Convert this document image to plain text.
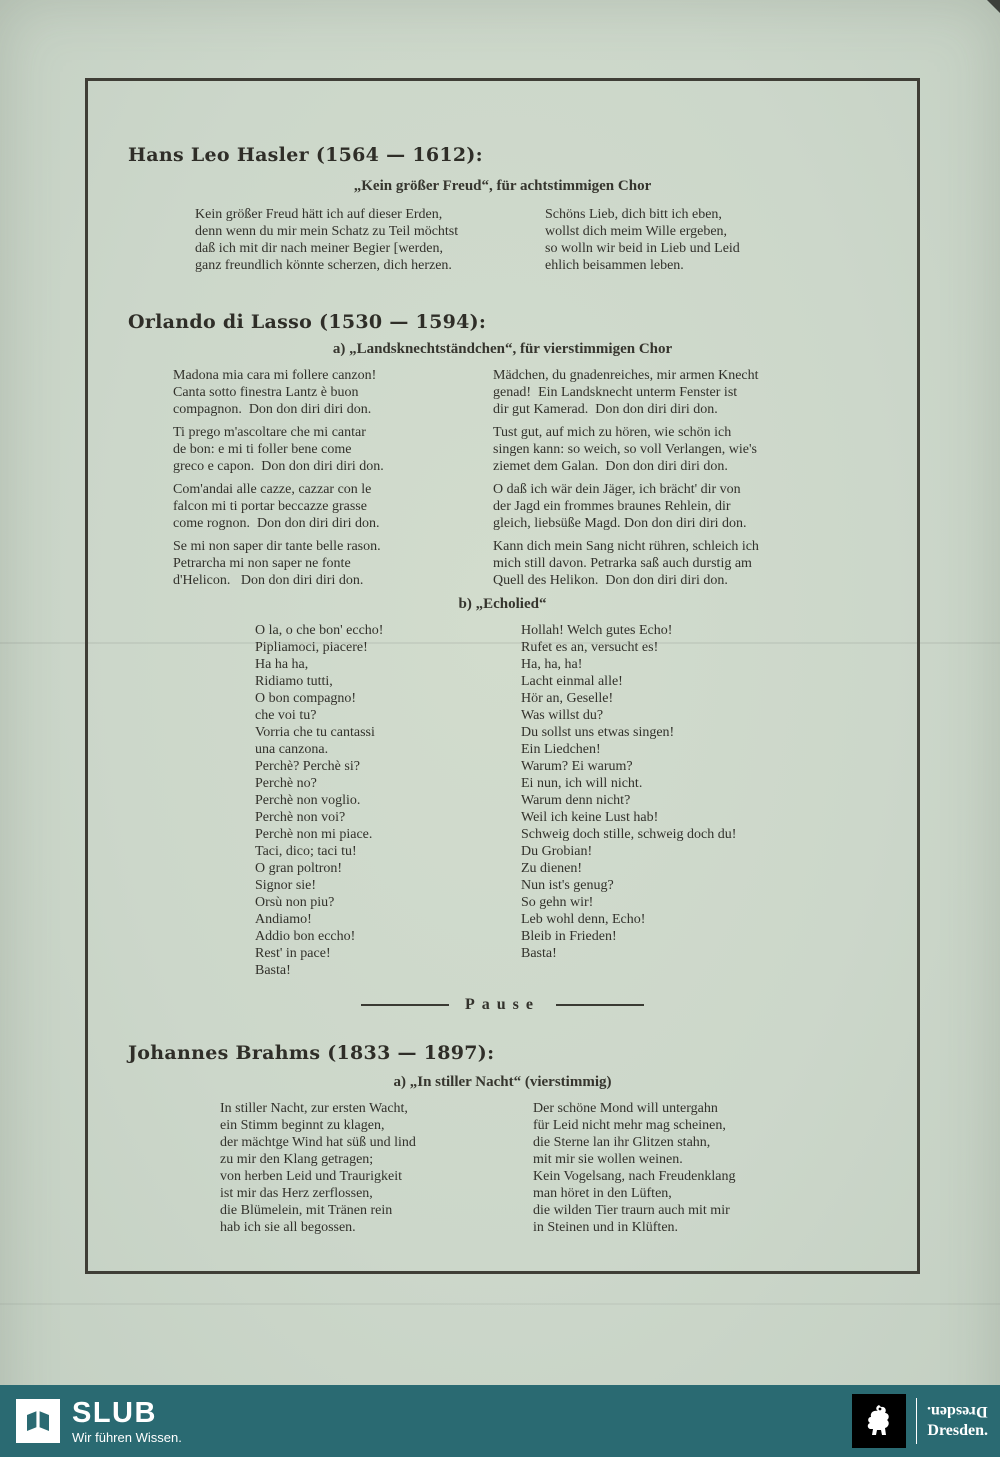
Hans Leo Hasler (1564 — 1612):
„Kein größer Freud“, für achtstimmigen Chor
Kein größer Freud hätt ich auf dieser Erden,
denn wenn du mir mein Schatz zu Teil möchtst
daß ich mit dir nach meiner Begier [werden,
ganz freundlich könnte scherzen, dich herzen.
Schöns Lieb, dich bitt ich eben,
wollst dich meim Wille ergeben,
so wolln wir beid in Lieb und Leid
ehlich beisammen leben.
Orlando di Lasso (1530 — 1594):
a) „Landsknechtständchen“, für vierstimmigen Chor
Madona mia cara mi follere canzon!
Canta sotto finestra Lantz è buon
compagnon.  Don don diri diri don.
Ti prego m'ascoltare che mi cantar
de bon: e mi ti foller bene come
greco e capon.  Don don diri diri don.
Com'andai alle cazze, cazzar con le
falcon mi ti portar beccazze grasse
come rognon.  Don don diri diri don.
Se mi non saper dir tante belle rason.
Petrarcha mi non saper ne fonte
d'Helicon.   Don don diri diri don.
Mädchen, du gnadenreiches, mir armen Knecht
genad!  Ein Landsknecht unterm Fenster ist
dir gut Kamerad.  Don don diri diri don.
Tust gut, auf mich zu hören, wie schön ich
singen kann: so weich, so voll Verlangen, wie's
ziemet dem Galan.  Don don diri diri don.
O daß ich wär dein Jäger, ich brächt' dir von
der Jagd ein frommes braunes Rehlein, dir
gleich, liebsüße Magd. Don don diri diri don.
Kann dich mein Sang nicht rühren, schleich ich
mich still davon. Petrarka saß auch durstig am
Quell des Helikon.  Don don diri diri don.
b) „Echolied“
O la, o che bon' eccho!
Pipliamoci, piacere!
Ha ha ha,
Ridiamo tutti,
O bon compagno!
che voi tu?
Vorria che tu cantassi
una canzona.
Perchè? Perchè si?
Perchè no?
Perchè non voglio.
Perchè non voi?
Perchè non mi piace.
Taci, dico; taci tu!
O gran poltron!
Signor sie!
Orsù non piu?
Andiamo!
Addio bon eccho!
Rest' in pace!
Basta!
Hollah! Welch gutes Echo!
Rufet es an, versucht es!
Ha, ha, ha!
Lacht einmal alle!
Hör an, Geselle!
Was willst du?
Du sollst uns etwas singen!
Ein Liedchen!
Warum? Ei warum?
Ei nun, ich will nicht.
Warum denn nicht?
Weil ich keine Lust hab!
Schweig doch stille, schweig doch du!
Du Grobian!
Zu dienen!
Nun ist's genug?
So gehn wir!
Leb wohl denn, Echo!
Bleib in Frieden!
Basta!
Pause
Johannes Brahms (1833 — 1897):
a) „In stiller Nacht“ (vierstimmig)
In stiller Nacht, zur ersten Wacht,
ein Stimm beginnt zu klagen,
der mächtge Wind hat süß und lind
zu mir den Klang getragen;
von herben Leid und Traurigkeit
ist mir das Herz zerflossen,
die Blümelein, mit Tränen rein
hab ich sie all begossen.
Der schöne Mond will untergahn
für Leid nicht mehr mag scheinen,
die Sterne lan ihr Glitzen stahn,
mit mir sie wollen weinen.
Kein Vogelsang, nach Freudenklang
man höret in den Lüften,
die wilden Tier traurn auch mit mir
in Steinen und in Klüften.
SLUB
Wir führen Wissen.
Dresden.
Dresden.
